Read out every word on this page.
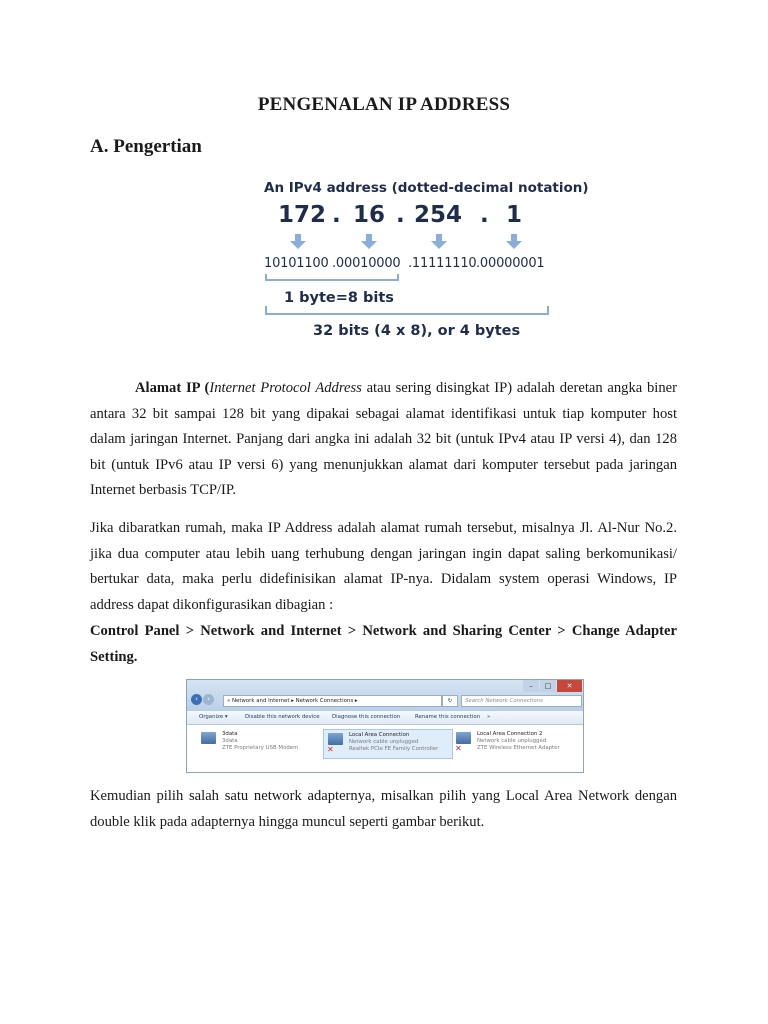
PENGENALAN IP ADDRESS
A. Pengertian
An IPv4 address (dotted-decimal notation)
172 . 16 . 254 . 1
10101100 .00010000 .11111110 .00000001
1 byte=8 bits
32 bits (4 x 8), or 4 bytes

Alamat IP (Internet Protocol Address atau sering disingkat IP) adalah deretan angka biner antara 32 bit sampai 128 bit yang dipakai sebagai alamat identifikasi untuk tiap komputer host dalam jaringan Internet. Panjang dari angka ini adalah 32 bit (untuk IPv4 atau IP versi 4), dan 128 bit (untuk IPv6 atau IP versi 6) yang menunjukkan alamat dari komputer tersebut pada jaringan Internet berbasis TCP/IP.

Jika dibaratkan rumah, maka IP Address adalah alamat rumah tersebut, misalnya Jl. Al-Nur No.2. jika dua computer atau lebih uang terhubung dengan jaringan ingin dapat saling berkomunikasi/ bertukar data, maka perlu didefinisikan alamat IP-nya. Didalam system operasi Windows, IP address dapat dikonfigurasikan dibagian :

Control Panel > Network and Internet > Network and Sharing Center > Change Adapter Setting.

–	□	✕
‹ ›	« Network and Internet ▸ Network Connections ▸	↻	Search Network Connections
Organize ▾	Disable this network device Diagnose this connection	Rename this connection »
3data
3data
ZTE Proprietary USB Modem	✕
Local Area Connection
Network cable unplugged
Realtek PCIe FE Family Controller ✕
Local Area Connection 2
Network cable unplugged
ZTE Wireless Ethernet Adapter

Kemudian pilih salah satu network adapternya, misalkan pilih yang Local Area Network dengan double klik pada adapternya hingga muncul seperti gambar berikut.
